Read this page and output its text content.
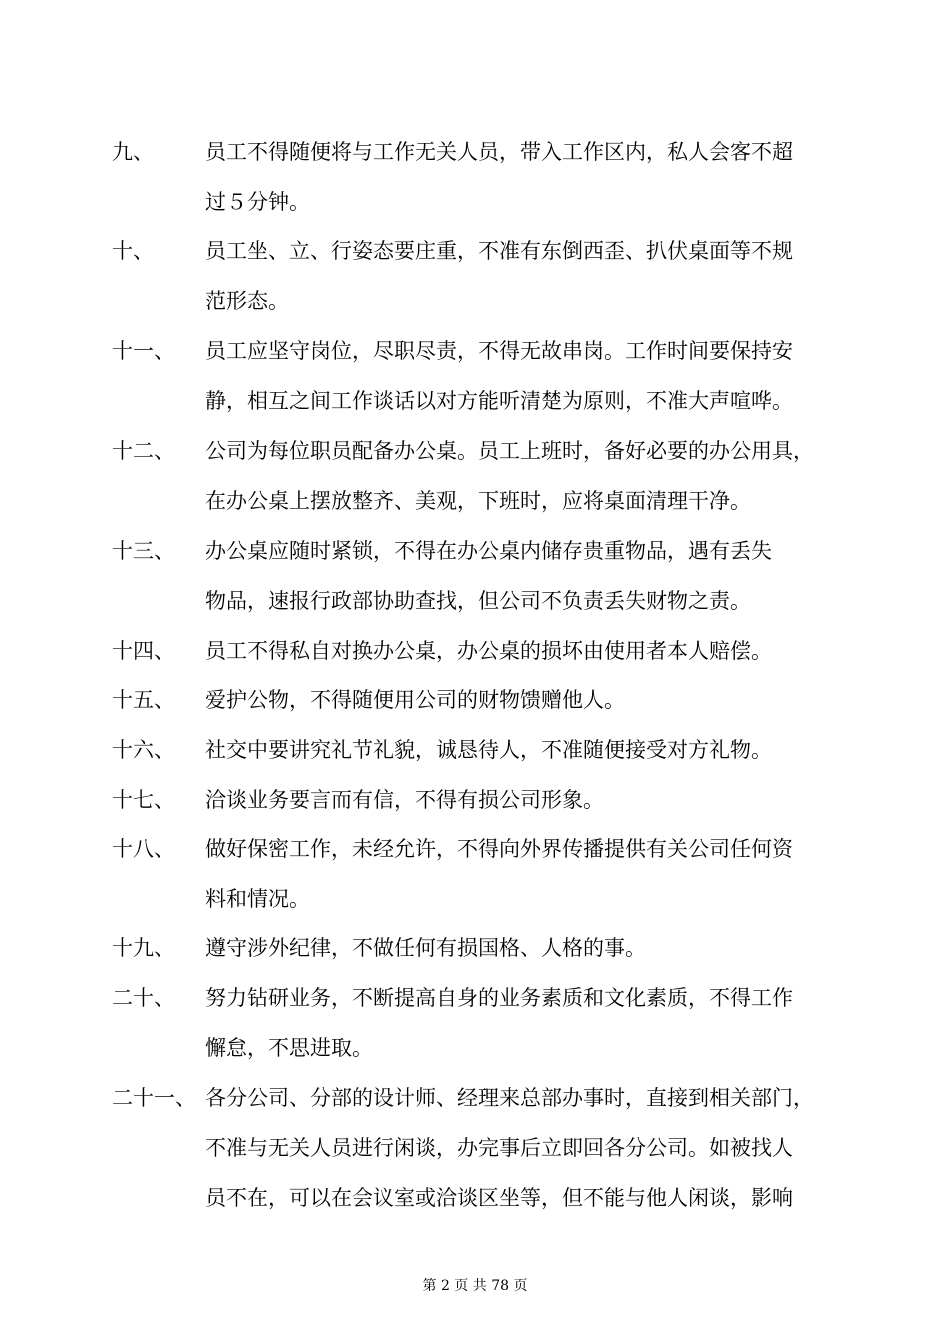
九、 员工不得随便将与工作无关人员，带入工作区内，私人会客不超
过５分钟。
十、 员工坐、立、行姿态要庄重，不准有东倒西歪、扒伏桌面等不规
范形态。
十一、 员工应坚守岗位，尽职尽责，不得无故串岗。工作时间要保持安
静，相互之间工作谈话以对方能听清楚为原则，不准大声喧哗。
十二、 公司为每位职员配备办公桌。员工上班时，备好必要的办公用具，
在办公桌上摆放整齐、美观，下班时，应将桌面清理干净。
十三、 办公桌应随时紧锁，不得在办公桌内储存贵重物品，遇有丢失
物品，速报行政部协助查找，但公司不负责丢失财物之责。
十四、 员工不得私自对换办公桌，办公桌的损坏由使用者本人赔偿。
十五、 爱护公物，不得随便用公司的财物馈赠他人。
十六、 社交中要讲究礼节礼貌，诚恳待人，不准随便接受对方礼物。
十七、 洽谈业务要言而有信，不得有损公司形象。
十八、 做好保密工作，未经允许，不得向外界传播提供有关公司任何资
料和情况。
十九、 遵守涉外纪律，不做任何有损国格、人格的事。
二十、 努力钻研业务，不断提高自身的业务素质和文化素质，不得工作
懈怠，不思进取。
二十一、 各分公司、分部的设计师、经理来总部办事时，直接到相关部门，
不准与无关人员进行闲谈，办完事后立即回各分公司。如被找人
员不在，可以在会议室或洽谈区坐等，但不能与他人闲谈，影响
第 2 页 共 78 页
